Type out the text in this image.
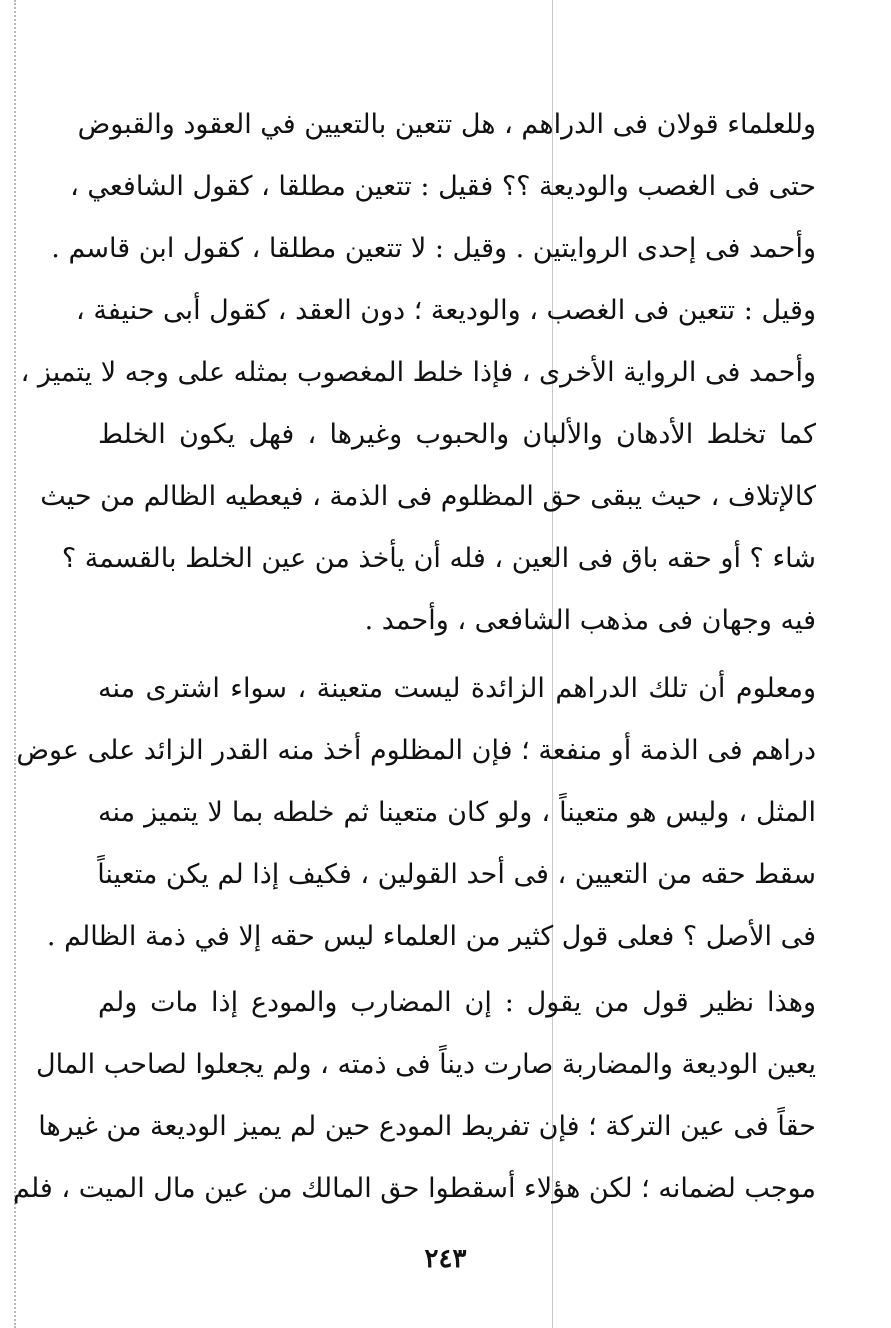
وللعلماء قولان فى الدراهم ، هل تتعين بالتعيين في العقود والقبوض
حتى فى الغصب والوديعة ؟؟ فقيل : تتعين مطلقا ، كقول الشافعي ،
وأحمد فى إحدى الروايتين . وقيل : لا تتعين مطلقا ، كقول ابن قاسم .
وقيل : تتعين فى الغصب ، والوديعة ؛ دون العقد ، كقول أبى حنيفة ،
وأحمد فى الرواية الأخرى ، فإذا خلط المغصوب بمثله على وجه لا يتميز ،
كما تخلط الأدهان والألبان والحبوب وغيرها ، فهل يكون الخلط
كالإتلاف ، حيث يبقى حق المظلوم فى الذمة ، فيعطيه الظالم من حيث
شاء ؟ أو حقه باق فى العين ، فله أن يأخذ من عين الخلط بالقسمة ؟
فيه وجهان فى مذهب الشافعى ، وأحمد .
ومعلوم أن تلك الدراهم الزائدة ليست متعينة ، سواء اشترى منه
دراهم فى الذمة أو منفعة ؛ فإن المظلوم أخذ منه القدر الزائد على عوض
المثل ، وليس هو متعيناً ، ولو كان متعينا ثم خلطه بما لا يتميز منه
سقط حقه من التعيين ، فى أحد القولين ، فكيف إذا لم يكن متعيناً
فى الأصل ؟ فعلى قول كثير من العلماء ليس حقه إلا في ذمة الظالم .
وهذا نظير قول من يقول : إن المضارب والمودع إذا مات ولم
يعين الوديعة والمضاربة صارت ديناً فى ذمته ، ولم يجعلوا لصاحب المال
حقاً فى عين التركة ؛ فإن تفريط المودع حين لم يميز الوديعة من غيرها
موجب لضمانه ؛ لكن هؤلاء أسقطوا حق المالك من عين مال الميت ، فلم
٢٤٣
